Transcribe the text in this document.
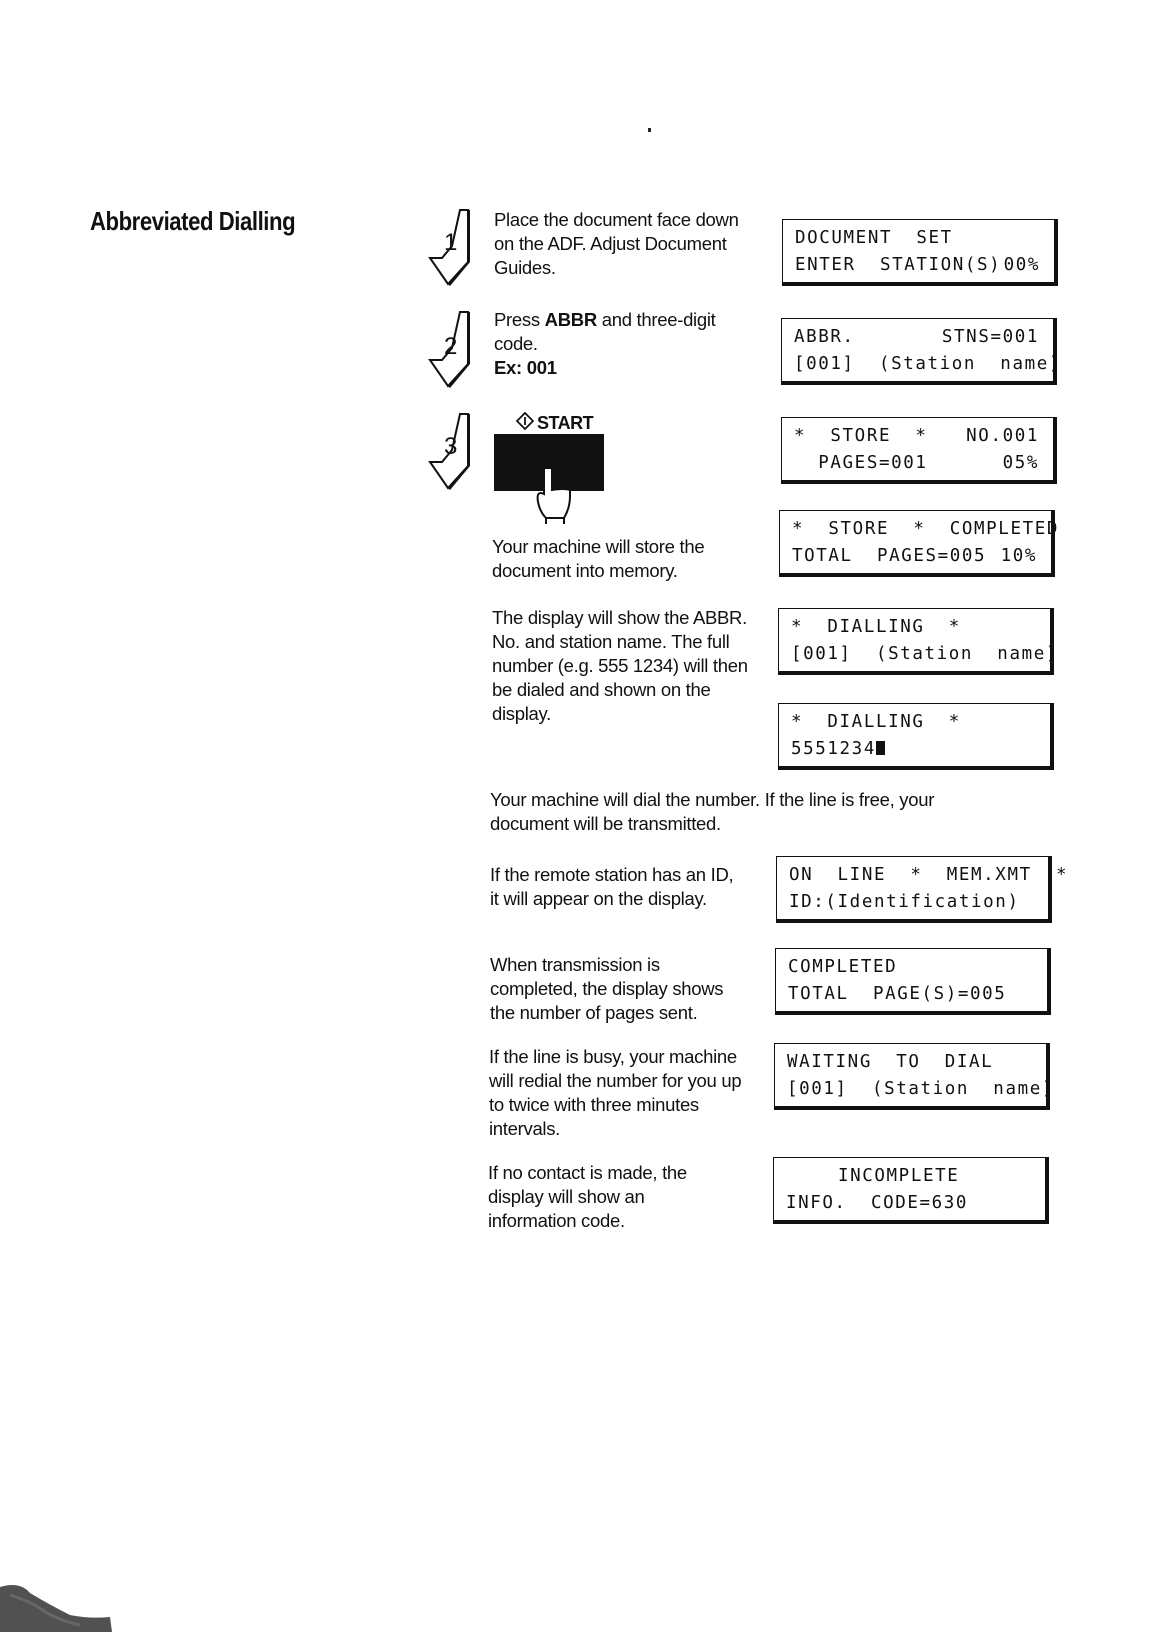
Abbreviated Dialling
1
Place the document face down on the ADF. Adjust Document Guides.
DOCUMENT  SET
ENTER  STATION(S) 00%
2
Press ABBR and three-digit code.
Ex: 001
ABBR.	STNS=001
[001]  (Station  name)
3
START
*  STORE  * NO.001
PAGES=001	05%
*  STORE  *  COMPLETED
TOTAL  PAGES=005 10%
Your machine will store the document into memory.
The display will show the ABBR. No. and station name. The full number (e.g. 555 1234) will then be dialed and shown on the display.
*  DIALLING  *
[001]  (Station  name)
*  DIALLING  *
5551234
Your machine will dial the number. If the line is free, your document will be transmitted.
If the remote station has an ID, it will appear on the display.
ON  LINE  *  MEM.XMT  *
ID:(Identification)
When transmission is completed, the display shows the number of pages sent.
COMPLETED
TOTAL  PAGE(S)=005
If the line is busy, your machine will redial the number for you up to twice with three minutes intervals.
WAITING  TO  DIAL
[001]  (Station  name)
If no contact is made, the display will show an information code.
INCOMPLETE
INFO.  CODE=630
